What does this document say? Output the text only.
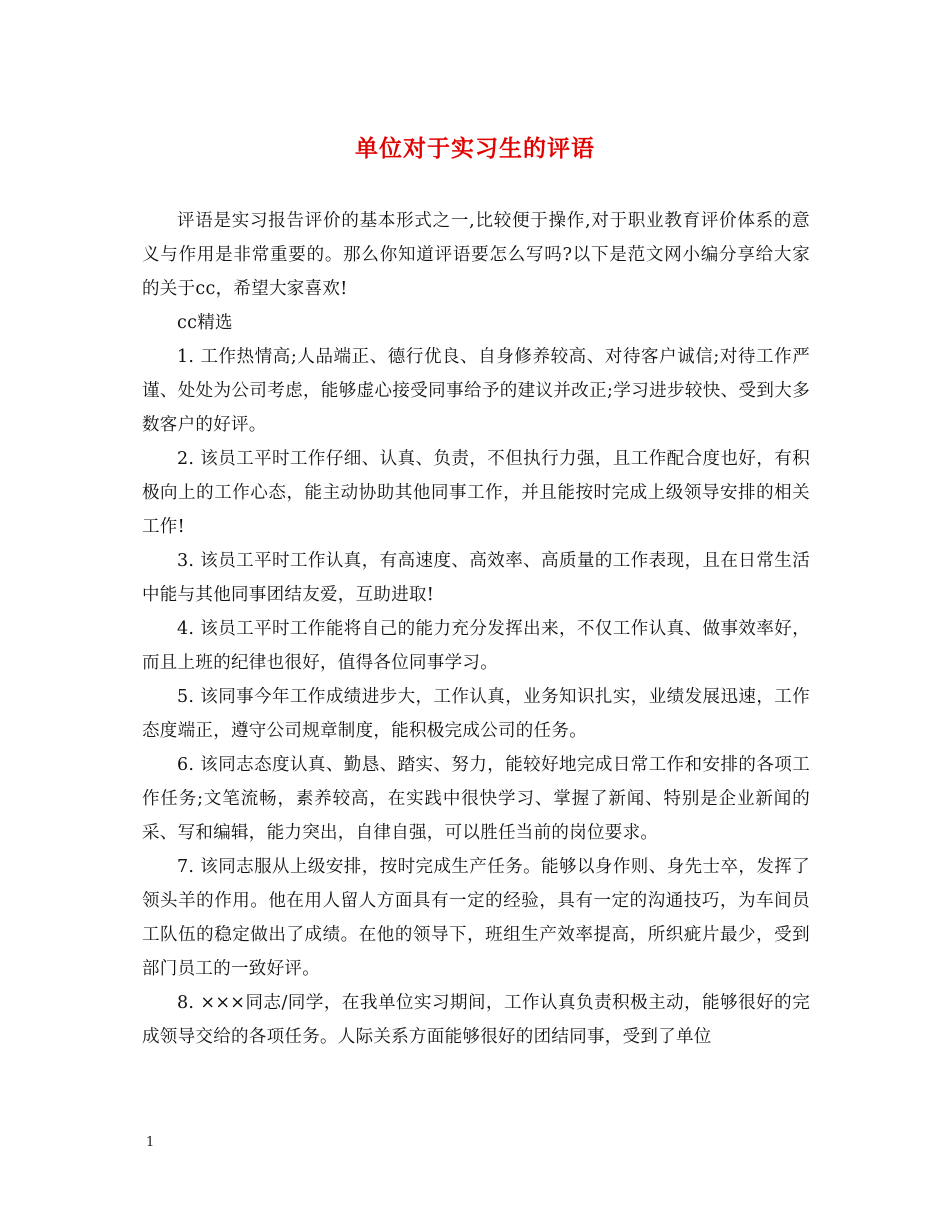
单位对于实习生的评语

评语是实习报告评价的基本形式之一,比较便于操作,对于职业教育评价体系的意义与作用是非常重要的。那么你知道评语要怎么写吗?以下是范文网小编分享给大家的关于cc，希望大家喜欢!

cc精选

1. 工作热情高;人品端正、德行优良、自身修养较高、对待客户诚信;对待工作严谨、处处为公司考虑，能够虚心接受同事给予的建议并改正;学习进步较快、受到大多数客户的好评。

2. 该员工平时工作仔细、认真、负责，不但执行力强，且工作配合度也好，有积极向上的工作心态，能主动协助其他同事工作，并且能按时完成上级领导安排的相关工作!

3. 该员工平时工作认真，有高速度、高效率、高质量的工作表现，且在日常生活中能与其他同事团结友爱，互助进取!

4. 该员工平时工作能将自己的能力充分发挥出来，不仅工作认真、做事效率好，而且上班的纪律也很好，值得各位同事学习。

5. 该同事今年工作成绩进步大，工作认真，业务知识扎实，业绩发展迅速，工作态度端正，遵守公司规章制度，能积极完成公司的任务。

6. 该同志态度认真、勤恳、踏实、努力，能较好地完成日常工作和安排的各项工作任务;文笔流畅，素养较高，在实践中很快学习、掌握了新闻、特别是企业新闻的采、写和编辑，能力突出，自律自强，可以胜任当前的岗位要求。

7. 该同志服从上级安排，按时完成生产任务。能够以身作则、身先士卒，发挥了领头羊的作用。他在用人留人方面具有一定的经验，具有一定的沟通技巧，为车间员工队伍的稳定做出了成绩。在他的领导下，班组生产效率提高，所织疵片最少，受到部门员工的一致好评。

8. ×××同志/同学，在我单位实习期间，工作认真负责积极主动，能够很好的完成领导交给的各项任务。人际关系方面能够很好的团结同事，受到了单位

1
